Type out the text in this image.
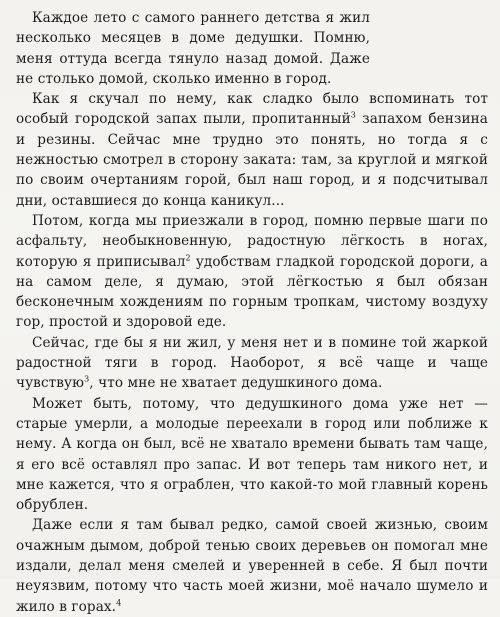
Каждое лето с самого раннего детства я жил несколько месяцев в доме дедушки. Помню, меня оттуда всегда тянуло назад домой. Даже не столько домой, сколько именно в город.

Как я скучал по нему, как сладко было вспоминать тот особый городской запах пыли, пропитанный$^3$ запахом бензина и резины. Сейчас мне трудно это понять, но тогда я с нежностью смотрел в сторону заката: там, за круглой и мягкой по своим очертаниям горой, был наш город, и я подсчитывал дни, оставшиеся до конца каникул...

Потом, когда мы приезжали в город, помню первые шаги по асфальту, необыкновенную, радостную лёгкость в ногах, которую я приписывал$^2$ удобствам гладкой городской дороги, а на самом деле, я думаю, этой лёгкостью я был обязан бесконечным хождениям по горным тропкам, чистому воздуху гор, простой и здоровой еде.

Сейчас, где бы я ни жил, у меня нет и в помине той жаркой радостной тяги в город. Наоборот, я всё чаще и чаще чувствую$^3$, что мне не хватает дедушкиного дома.

Может быть, потому, что дедушкиного дома уже нет — старые умерли, а молодые переехали в город или поближе к нему. А когда он был, всё не хватало времени бывать там чаще, я его всё оставлял про запас. И вот теперь там никого нет, и мне кажется, что я ограблен, что какой-то мой главный корень обрублен.

Даже если я там бывал редко, самой своей жизнью, своим очажным дымом, доброй тенью своих деревьев он помогал мне издали, делал меня смелей и уверенней в себе. Я был почти неуязвим, потому что часть моей жизни, моё начало шумело и жило в горах.$^4$
